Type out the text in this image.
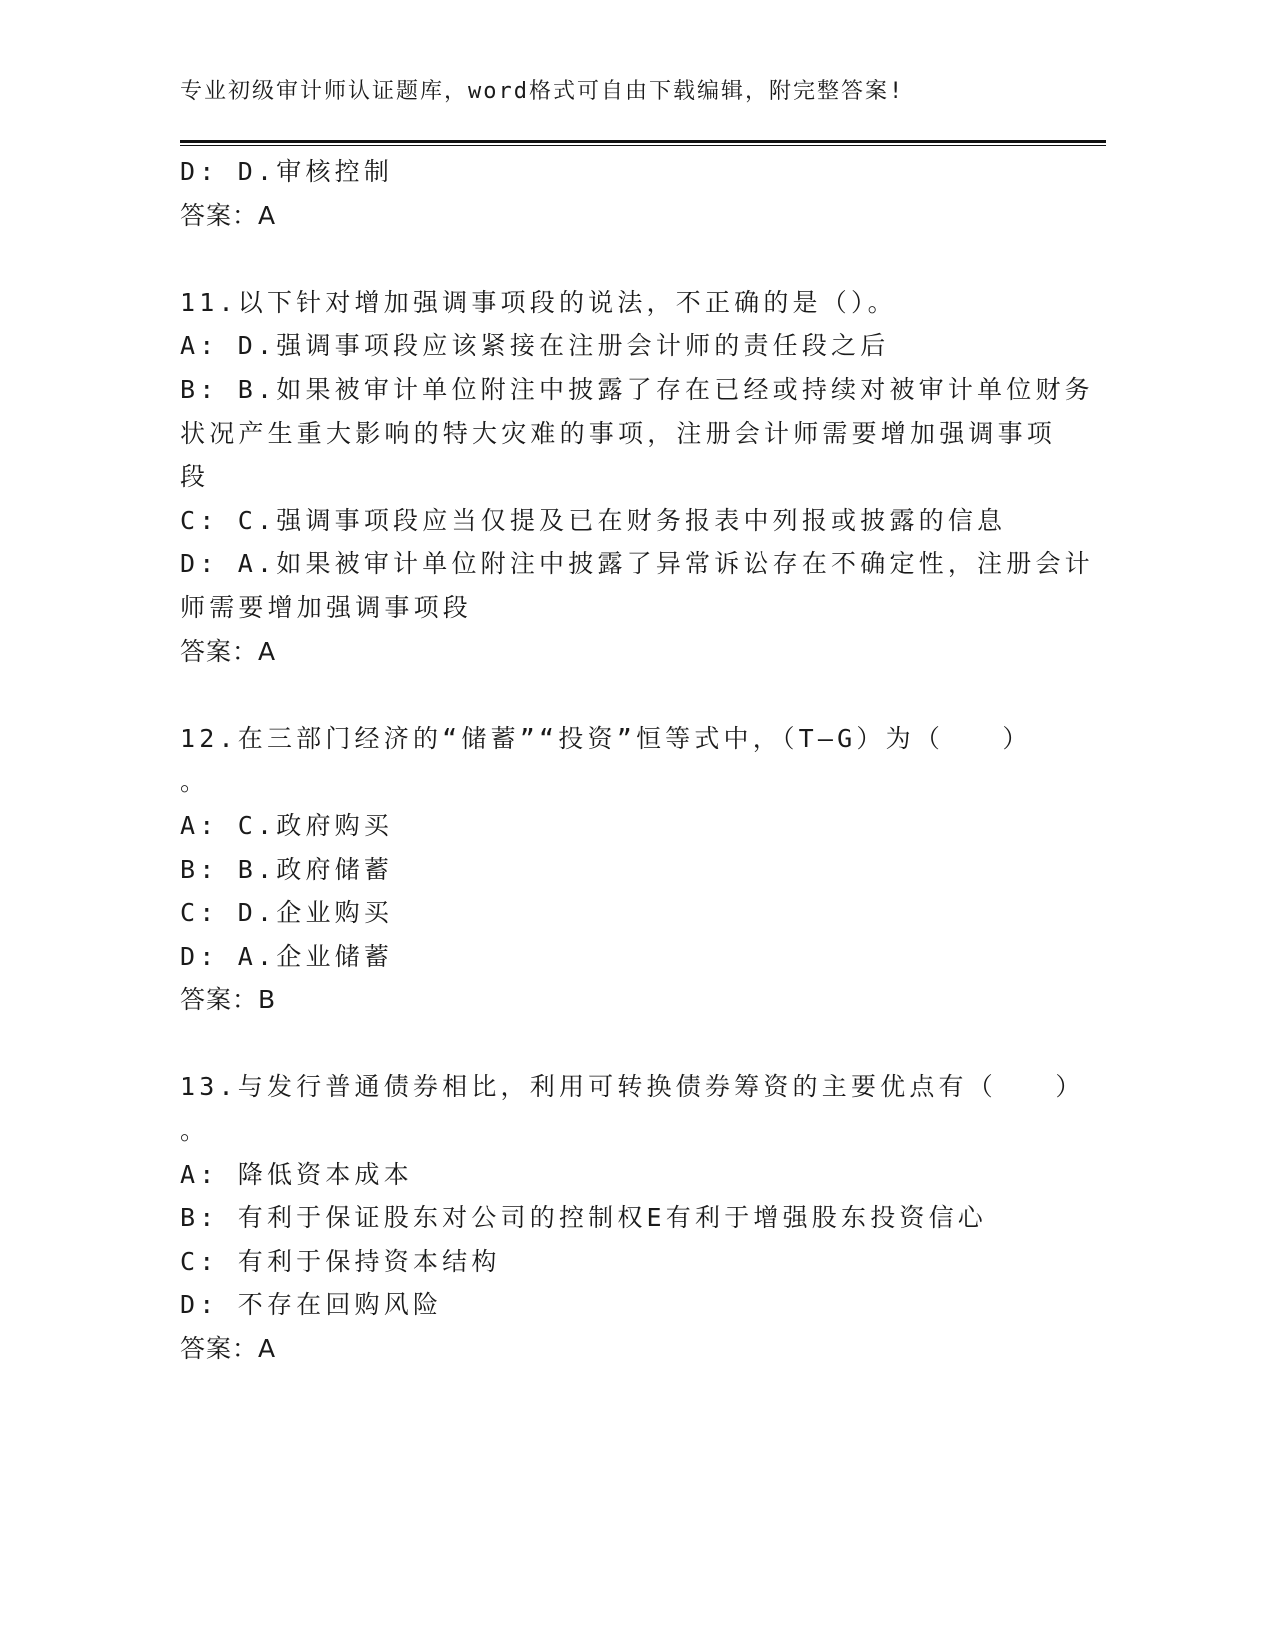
专业初级审计师认证题库，word格式可自由下载编辑，附完整答案!
D: D.审核控制
答案：A
11.以下针对增加强调事项段的说法，不正确的是（）。
A: D.强调事项段应该紧接在注册会计师的责任段之后
B: B.如果被审计单位附注中披露了存在已经或持续对被审计单位财务
状况产生重大影响的特大灾难的事项，注册会计师需要增加强调事项
段
C: C.强调事项段应当仅提及已在财务报表中列报或披露的信息
D: A.如果被审计单位附注中披露了异常诉讼存在不确定性，注册会计
师需要增加强调事项段
答案：A
12.在三部门经济的“储蓄”“投资”恒等式中，（T—G）为（　　）
。
A: C.政府购买
B: B.政府储蓄
C: D.企业购买
D: A.企业储蓄
答案：B
13.与发行普通债券相比，利用可转换债券筹资的主要优点有（　　）
。
A: 降低资本成本
B: 有利于保证股东对公司的控制权E有利于增强股东投资信心
C: 有利于保持资本结构
D: 不存在回购风险
答案：A
